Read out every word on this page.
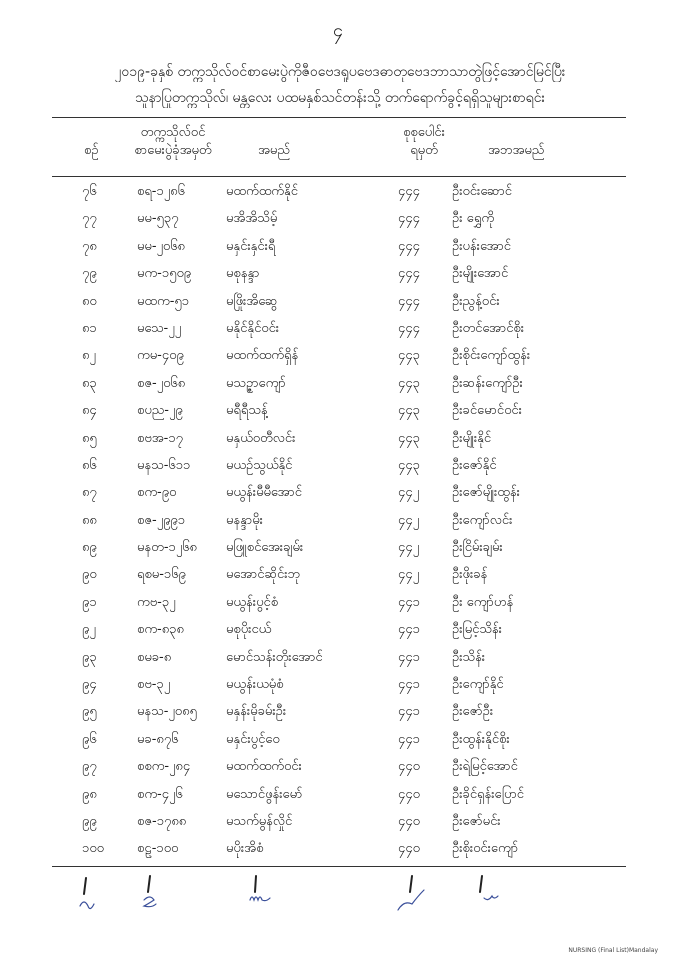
၄
၂၀၁၉-ခုနှစ် တက္ကသိုလ်ဝင်စာမေးပွဲကိုဇီဝဗေဒရူပဗေဒဓာတုဗေဒဘာသာတွဲဖြင့်အောင်မြင်ပြီး
သူနာပြုတက္ကသိုလ်၊ မန္တလေး ပထမနှစ်သင်တန်းသို့ တက်ရောက်ခွင့်ရရှိသူများစာရင်း
စဉ်
တက္ကသိုလ်ဝင်
စာမေးပွဲခုံအမှတ်	အမည်
စုစုပေါင်း
ရမှတ်	အဘအမည်
၇၆	စရ-၁၂၈၆	မထက်ထက်နိုင်	၄၄၄ ဦးဝင်းဆောင်
၇၇	မမ-၅၃၇	မအိအိသိမ့်	၄၄၄ ဦး ရွှေကို
၇၈	မမ-၂၀၆၈	မနှင်းနှင်းရီ	၄၄၄ ဦးပန်းအောင်
၇၉	မက-၁၅၀၉	မစုနန္ဒာ	၄၄၄ ဦးမျိုးအောင်
၈၀	မထက-၅၁	မဖြိုးအိဆွေ	၄၄၄ ဦးညွန့်ဝင်း
၈၁	မသေ-၂၂	မနိုင်နိုင်ဝင်း	၄၄၄ ဦးတင်အောင်စိုး
၈၂	ကမ-၄၀၉	မထက်ထက်ရှိန်	၄၄၃ ဦးစိုင်းကျော်ထွန်း
၈၃	စဇ-၂၀၆၈	မသဉ္ဇာကျော်	၄၄၃ ဦးဆန်းကျော်ဦး
၈၄	စပည-၂၉	မရီရီသန့်	၄၄၃ ဦးခင်မောင်ဝင်း
၈၅	စဗအ-၁၇	မနှယ်ဝတီလင်း	၄၄၃ ဦးမျိုးနိုင်
၈၆	မနသ-၆၁၁	မယဉ်သွယ်နိုင်	၄၄၃ ဦးဇော်နိုင်
၈၇	စက-၉၀	မယွန်းမီမီအောင်	၄၄၂	ဦးဇော်မျိုးထွန်း
၈၈	စဇ-၂၉၉၁	မနန္ဒာမိုး	၄၄၂	ဦးကျော်လင်း
၈၉	မနတ-၁၂၆၈ မဖြူစင်အေးချမ်း	၄၄၂	ဦးငြိမ်းချမ်း
၉၀	ရစမ-၁၆၉	မအောင်ဆိုင်းဘု	၄၄၂	ဦးဖိုးခန်
၉၁	ကဗ-၃၂	မယွန်းပွင့်စံ	၄၄၁ ဦး ကျော်ဟန်
၉၂	စက-၈၃၈	မစုပိုးငယ်	၄၄၁ ဦးမြင့်သိန်း
၉၃	စမခ-၈	မောင်သန်းတိုးအောင်	၄၄၁ ဦးသိန်း
၉၄	စဗ-၃၂	မယွန်းယမုံစံ	၄၄၁ ဦးကျော်နိုင်
၉၅	မနသ-၂၀၈၅ မနှန်းမိုခမ်းဦး	၄၄၁ ဦးဇော်ဦး
၉၆	မခ-၈၇၆	မနှင်းပွင့်ဝေ	၄၄၁ ဦးထွန်းနိုင်စိုး
၉၇	စစက-၂၈၄	မထက်ထက်ဝင်း	၄၄၀ ဦးရဲမြင့်အောင်
၉၈	စက-၄၂၆	မသောင်ဖွန်းမော်	၄၄၀ ဦးခိုင်ရှန်းပြောင်
၉၉	စဇ-၁၇၈၈	မသက်မွန်လှိုင်	၄၄၀ ဦးဇော်မင်း
၁၀၀	စဠ-၁၀၀	မပိုးအိစံ	၄၄၀ ဦးစိုးဝင်းကျော်
NURSING (Final List)Mandalay
